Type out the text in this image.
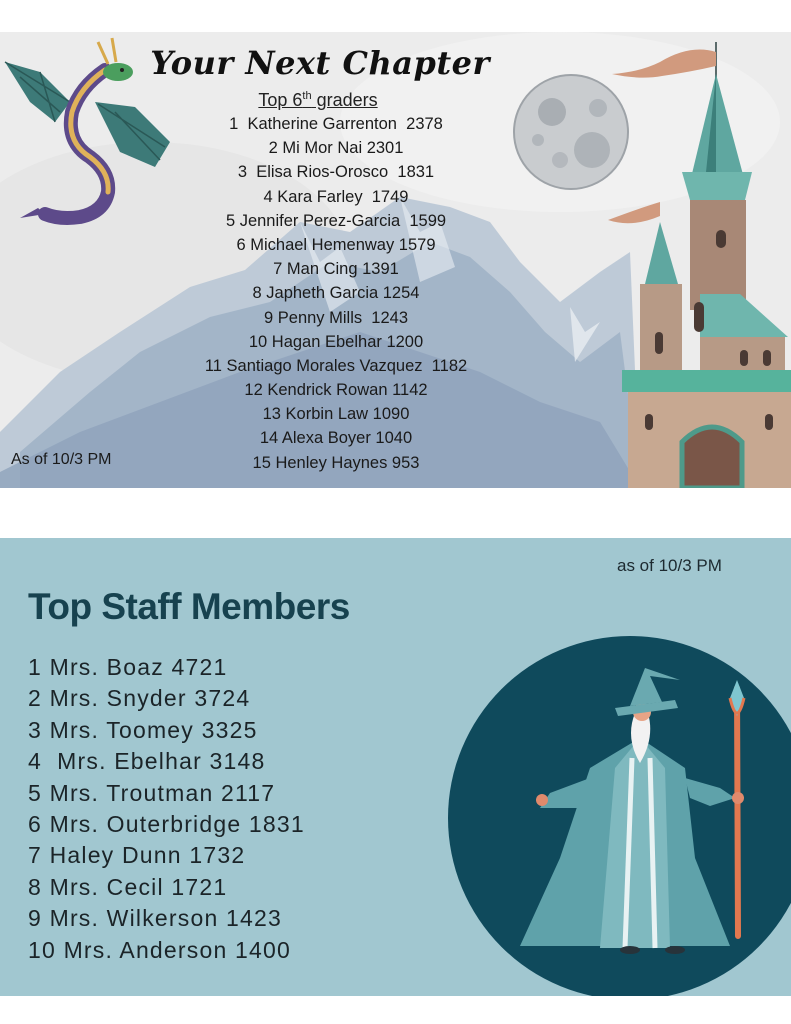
Your Next Chapter
Top 6th graders
1  Katherine Garrenton  2378
2 Mi Mor Nai 2301
3  Elisa Rios-Orosco  1831
4 Kara Farley  1749
5 Jennifer Perez-Garcia  1599
6 Michael Hemenway 1579
7 Man Cing 1391
8 Japheth Garcia 1254
9 Penny Mills  1243
10 Hagan Ebelhar 1200
11 Santiago Morales Vazquez  1182
12 Kendrick Rowan 1142
13 Korbin Law 1090
14 Alexa Boyer 1040
15 Henley Haynes 953
As of 10/3 PM
as of 10/3 PM
Top Staff Members
1 Mrs. Boaz 4721
2 Mrs. Snyder 3724
3 Mrs. Toomey 3325
4  Mrs. Ebelhar 3148
5 Mrs. Troutman 2117
6 Mrs. Outerbridge 1831
7 Haley Dunn 1732
8 Mrs. Cecil 1721
9 Mrs. Wilkerson 1423
10 Mrs. Anderson 1400
